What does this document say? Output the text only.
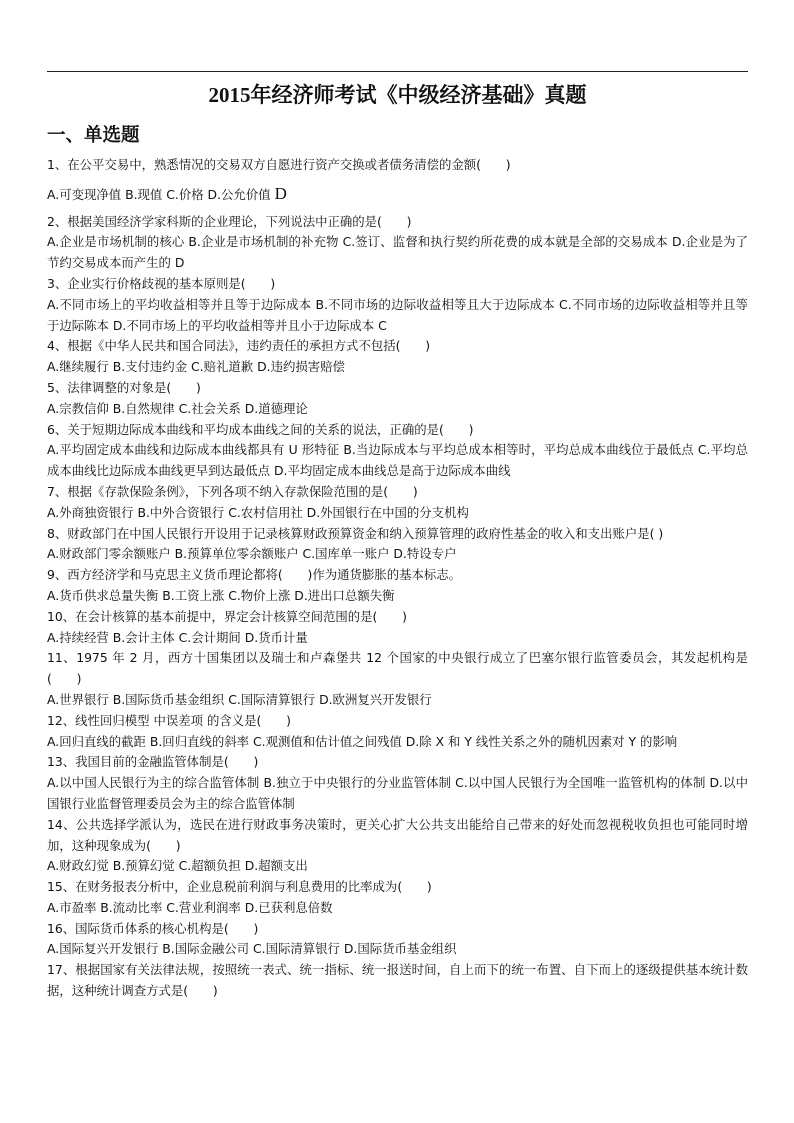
2015年经济师考试《中级经济基础》真题
一、单选题

1、在公平交易中，熟悉情况的交易双方自愿进行资产交换或者债务清偿的金额(　　)

A.可变现净值 B.现值 C.价格 D.公允价值 D

2、根据美国经济学家科斯的企业理论，下列说法中正确的是(　　)

A.企业是市场机制的核心 B.企业是市场机制的补充物 C.签订、监督和执行契约所花费的成本就是全部的交易成本 D.企业是为了节约交易成本而产生的 D

3、企业实行价格歧视的基本原则是(　　)

A.不同市场上的平均收益相等并且等于边际成本 B.不同市场的边际收益相等且大于边际成本 C.不同市场的边际收益相等并且等于边际陈本 D.不同市场上的平均收益相等并且小于边际成本 C

4、根据《中华人民共和国合同法》，违约责任的承担方式不包括(　　)

A.继续履行 B.支付违约金 C.赔礼道歉 D.违约损害赔偿

5、法律调整的对象是(　　)

A.宗教信仰 B.自然规律 C.社会关系 D.道德理论

6、关于短期边际成本曲线和平均成本曲线之间的关系的说法，正确的是(　　)

A.平均固定成本曲线和边际成本曲线都具有 U 形特征 B.当边际成本与平均总成本相等时，平均总成本曲线位于最低点 C.平均总成本曲线比边际成本曲线更早到达最低点 D.平均固定成本曲线总是高于边际成本曲线

7、根据《存款保险条例》，下列各项不纳入存款保险范围的是(　　)

A.外商独资银行 B.中外合资银行 C.农村信用社 D.外国银行在中国的分支机构

8、财政部门在中国人民银行开设用于记录核算财政预算资金和纳入预算管理的政府性基金的收入和支出账户是( )

A.财政部门零余额账户 B.预算单位零余额账户 C.国库单一账户 D.特设专户

9、西方经济学和马克思主义货币理论都将(　　)作为通货膨胀的基本标志。

A.货币供求总量失衡 B.工资上涨 C.物价上涨 D.进出口总额失衡

10、在会计核算的基本前提中，界定会计核算空间范围的是(　　)

A.持续经营 B.会计主体 C.会计期间 D.货币计量

11、1975 年 2 月，西方十国集团以及瑞士和卢森堡共 12 个国家的中央银行成立了巴塞尔银行监管委员会，其发起机构是(　　)

A.世界银行 B.国际货币基金组织 C.国际清算银行 D.欧洲复兴开发银行

12、线性回归模型 中误差项 的含义是(　　)

A.回归直线的截距 B.回归直线的斜率 C.观测值和估计值之间残值 D.除 X 和 Y 线性关系之外的随机因素对 Y 的影响

13、我国目前的金融监管体制是(　　)

A.以中国人民银行为主的综合监管体制 B.独立于中央银行的分业监管体制 C.以中国人民银行为全国唯一监管机构的体制 D.以中国银行业监督管理委员会为主的综合监管体制

14、公共选择学派认为，选民在进行财政事务决策时，更关心扩大公共支出能给自己带来的好处而忽视税收负担也可能同时增加，这种现象成为(　　)

A.财政幻觉 B.预算幻觉 C.超额负担 D.超额支出

15、在财务报表分析中，企业息税前利润与利息费用的比率成为(　　)

A.市盈率 B.流动比率 C.营业利润率 D.已获利息倍数

16、国际货币体系的核心机构是(　　)

A.国际复兴开发银行 B.国际金融公司 C.国际清算银行 D.国际货币基金组织

17、根据国家有关法律法规，按照统一表式、统一指标、统一报送时间，自上而下的统一布置、自下而上的逐级提供基本统计数据，这种统计调查方式是(　　)
